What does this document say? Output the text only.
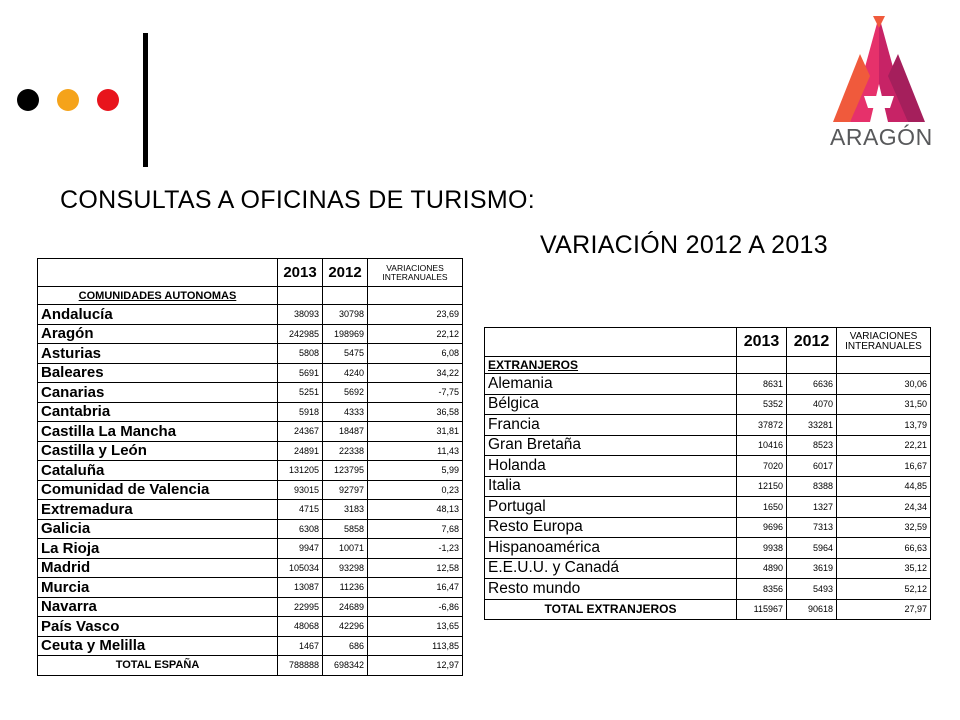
ARAGÓN
CONSULTAS A OFICINAS DE TURISMO:
VARIACIÓN 2012 A 2013
	2013	2012	VARIACIONES INTERANUALES
COMUNIDADES AUTONOMAS			
Andalucía	38093	30798	23,69
Aragón	242985	198969	22,12
Asturias	5808	5475	6,08
Baleares	5691	4240	34,22
Canarias	5251	5692	-7,75
Cantabria	5918	4333	36,58
Castilla La Mancha	24367	18487	31,81
Castilla y León	24891	22338	11,43
Cataluña	131205	123795	5,99
Comunidad de Valencia	93015	92797	0,23
Extremadura	4715	3183	48,13
Galicia	6308	5858	7,68
La Rioja	9947	10071	-1,23
Madrid	105034	93298	12,58
Murcia	13087	11236	16,47
Navarra	22995	24689	-6,86
País Vasco	48068	42296	13,65
Ceuta y Melilla	1467	686	113,85
TOTAL ESPAÑA	788888	698342	12,97
	2013	2012	VARIACIONES INTERANUALES
EXTRANJEROS			
Alemania	8631	6636	30,06
Bélgica	5352	4070	31,50
Francia	37872	33281	13,79
Gran Bretaña	10416	8523	22,21
Holanda	7020	6017	16,67
Italia	12150	8388	44,85
Portugal	1650	1327	24,34
Resto Europa	9696	7313	32,59
Hispanoamérica	9938	5964	66,63
E.E.U.U. y Canadá	4890	3619	35,12
Resto mundo	8356	5493	52,12
TOTAL EXTRANJEROS	115967	90618	27,97
